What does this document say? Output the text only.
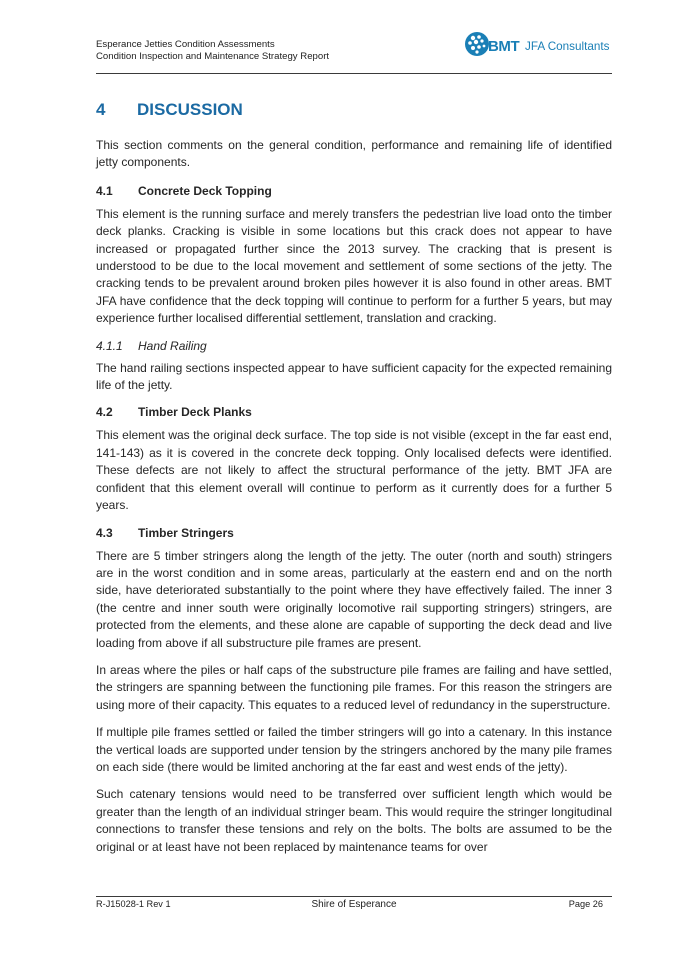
Esperance Jetties Condition Assessments
Condition Inspection and Maintenance Strategy Report
BMT JFA Consultants
4 DISCUSSION

This section comments on the general condition, performance and remaining life of identified jetty components.

4.1 Concrete Deck Topping

This element is the running surface and merely transfers the pedestrian live load onto the timber deck planks. Cracking is visible in some locations but this crack does not appear to have increased or propagated further since the 2013 survey. The cracking that is present is understood to be due to the local movement and settlement of some sections of the jetty. The cracking tends to be prevalent around broken piles however it is also found in other areas. BMT JFA have confidence that the deck topping will continue to perform for a further 5 years, but may experience further localised differential settlement, translation and cracking.

4.1.1 Hand Railing

The hand railing sections inspected appear to have sufficient capacity for the expected remaining life of the jetty.

4.2 Timber Deck Planks

This element was the original deck surface. The top side is not visible (except in the far east end, 141-143) as it is covered in the concrete deck topping. Only localised defects were identified. These defects are not likely to affect the structural performance of the jetty. BMT JFA are confident that this element overall will continue to perform as it currently does for a further 5 years.

4.3 Timber Stringers

There are 5 timber stringers along the length of the jetty. The outer (north and south) stringers are in the worst condition and in some areas, particularly at the eastern end and on the north side, have deteriorated substantially to the point where they have effectively failed. The inner 3 (the centre and inner south were originally locomotive rail supporting stringers) stringers, are protected from the elements, and these alone are capable of supporting the deck dead and live loading from above if all substructure pile frames are present.

In areas where the piles or half caps of the substructure pile frames are failing and have settled, the stringers are spanning between the functioning pile frames. For this reason the stringers are using more of their capacity. This equates to a reduced level of redundancy in the superstructure.

If multiple pile frames settled or failed the timber stringers will go into a catenary. In this instance the vertical loads are supported under tension by the stringers anchored by the many pile frames on each side (there would be limited anchoring at the far east and west ends of the jetty).

Such catenary tensions would need to be transferred over sufficient length which would be greater than the length of an individual stringer beam. This would require the stringer longitudinal connections to transfer these tensions and rely on the bolts. The bolts are assumed to be the original or at least have not been replaced by maintenance teams for over

R-J15028-1 Rev 1	Shire of Esperance	Page 26
